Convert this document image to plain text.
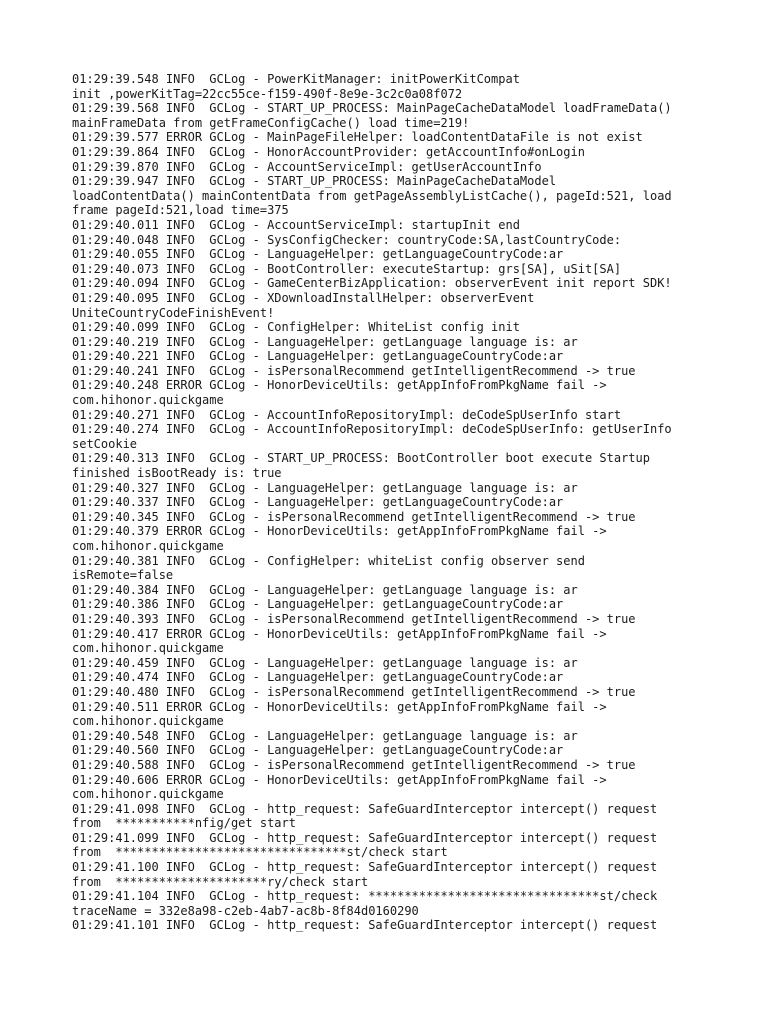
01:29:39.548 INFO  GCLog - PowerKitManager: initPowerKitCompat
init ,powerKitTag=22cc55ce-f159-490f-8e9e-3c2c0a08f072
01:29:39.568 INFO  GCLog - START_UP_PROCESS: MainPageCacheDataModel loadFrameData()
mainFrameData from getFrameConfigCache() load time=219!
01:29:39.577 ERROR GCLog - MainPageFileHelper: loadContentDataFile is not exist
01:29:39.864 INFO  GCLog - HonorAccountProvider: getAccountInfo#onLogin
01:29:39.870 INFO  GCLog - AccountServiceImpl: getUserAccountInfo
01:29:39.947 INFO  GCLog - START_UP_PROCESS: MainPageCacheDataModel
loadContentData() mainContentData from getPageAssemblyListCache(), pageId:521, load
frame pageId:521,load time=375
01:29:40.011 INFO  GCLog - AccountServiceImpl: startupInit end
01:29:40.048 INFO  GCLog - SysConfigChecker: countryCode:SA,lastCountryCode:
01:29:40.055 INFO  GCLog - LanguageHelper: getLanguageCountryCode:ar
01:29:40.073 INFO  GCLog - BootController: executeStartup: grs[SA], uSit[SA]
01:29:40.094 INFO  GCLog - GameCenterBizApplication: observerEvent init report SDK!
01:29:40.095 INFO  GCLog - XDownloadInstallHelper: observerEvent
UniteCountryCodeFinishEvent!
01:29:40.099 INFO  GCLog - ConfigHelper: WhiteList config init
01:29:40.219 INFO  GCLog - LanguageHelper: getLanguage language is: ar
01:29:40.221 INFO  GCLog - LanguageHelper: getLanguageCountryCode:ar
01:29:40.241 INFO  GCLog - isPersonalRecommend getIntelligentRecommend -> true
01:29:40.248 ERROR GCLog - HonorDeviceUtils: getAppInfoFromPkgName fail ->
com.hihonor.quickgame
01:29:40.271 INFO  GCLog - AccountInfoRepositoryImpl: deCodeSpUserInfo start
01:29:40.274 INFO  GCLog - AccountInfoRepositoryImpl: deCodeSpUserInfo: getUserInfo
setCookie
01:29:40.313 INFO  GCLog - START_UP_PROCESS: BootController boot execute Startup
finished isBootReady is: true
01:29:40.327 INFO  GCLog - LanguageHelper: getLanguage language is: ar
01:29:40.337 INFO  GCLog - LanguageHelper: getLanguageCountryCode:ar
01:29:40.345 INFO  GCLog - isPersonalRecommend getIntelligentRecommend -> true
01:29:40.379 ERROR GCLog - HonorDeviceUtils: getAppInfoFromPkgName fail ->
com.hihonor.quickgame
01:29:40.381 INFO  GCLog - ConfigHelper: whiteList config observer send
isRemote=false
01:29:40.384 INFO  GCLog - LanguageHelper: getLanguage language is: ar
01:29:40.386 INFO  GCLog - LanguageHelper: getLanguageCountryCode:ar
01:29:40.393 INFO  GCLog - isPersonalRecommend getIntelligentRecommend -> true
01:29:40.417 ERROR GCLog - HonorDeviceUtils: getAppInfoFromPkgName fail ->
com.hihonor.quickgame
01:29:40.459 INFO  GCLog - LanguageHelper: getLanguage language is: ar
01:29:40.474 INFO  GCLog - LanguageHelper: getLanguageCountryCode:ar
01:29:40.480 INFO  GCLog - isPersonalRecommend getIntelligentRecommend -> true
01:29:40.511 ERROR GCLog - HonorDeviceUtils: getAppInfoFromPkgName fail ->
com.hihonor.quickgame
01:29:40.548 INFO  GCLog - LanguageHelper: getLanguage language is: ar
01:29:40.560 INFO  GCLog - LanguageHelper: getLanguageCountryCode:ar
01:29:40.588 INFO  GCLog - isPersonalRecommend getIntelligentRecommend -> true
01:29:40.606 ERROR GCLog - HonorDeviceUtils: getAppInfoFromPkgName fail ->
com.hihonor.quickgame
01:29:41.098 INFO  GCLog - http_request: SafeGuardInterceptor intercept() request
from  ***********nfig/get start
01:29:41.099 INFO  GCLog - http_request: SafeGuardInterceptor intercept() request
from  ********************************st/check start
01:29:41.100 INFO  GCLog - http_request: SafeGuardInterceptor intercept() request
from  *********************ry/check start
01:29:41.104 INFO  GCLog - http_request: ********************************st/check
traceName = 332e8a98-c2eb-4ab7-ac8b-8f84d0160290
01:29:41.101 INFO  GCLog - http_request: SafeGuardInterceptor intercept() request
